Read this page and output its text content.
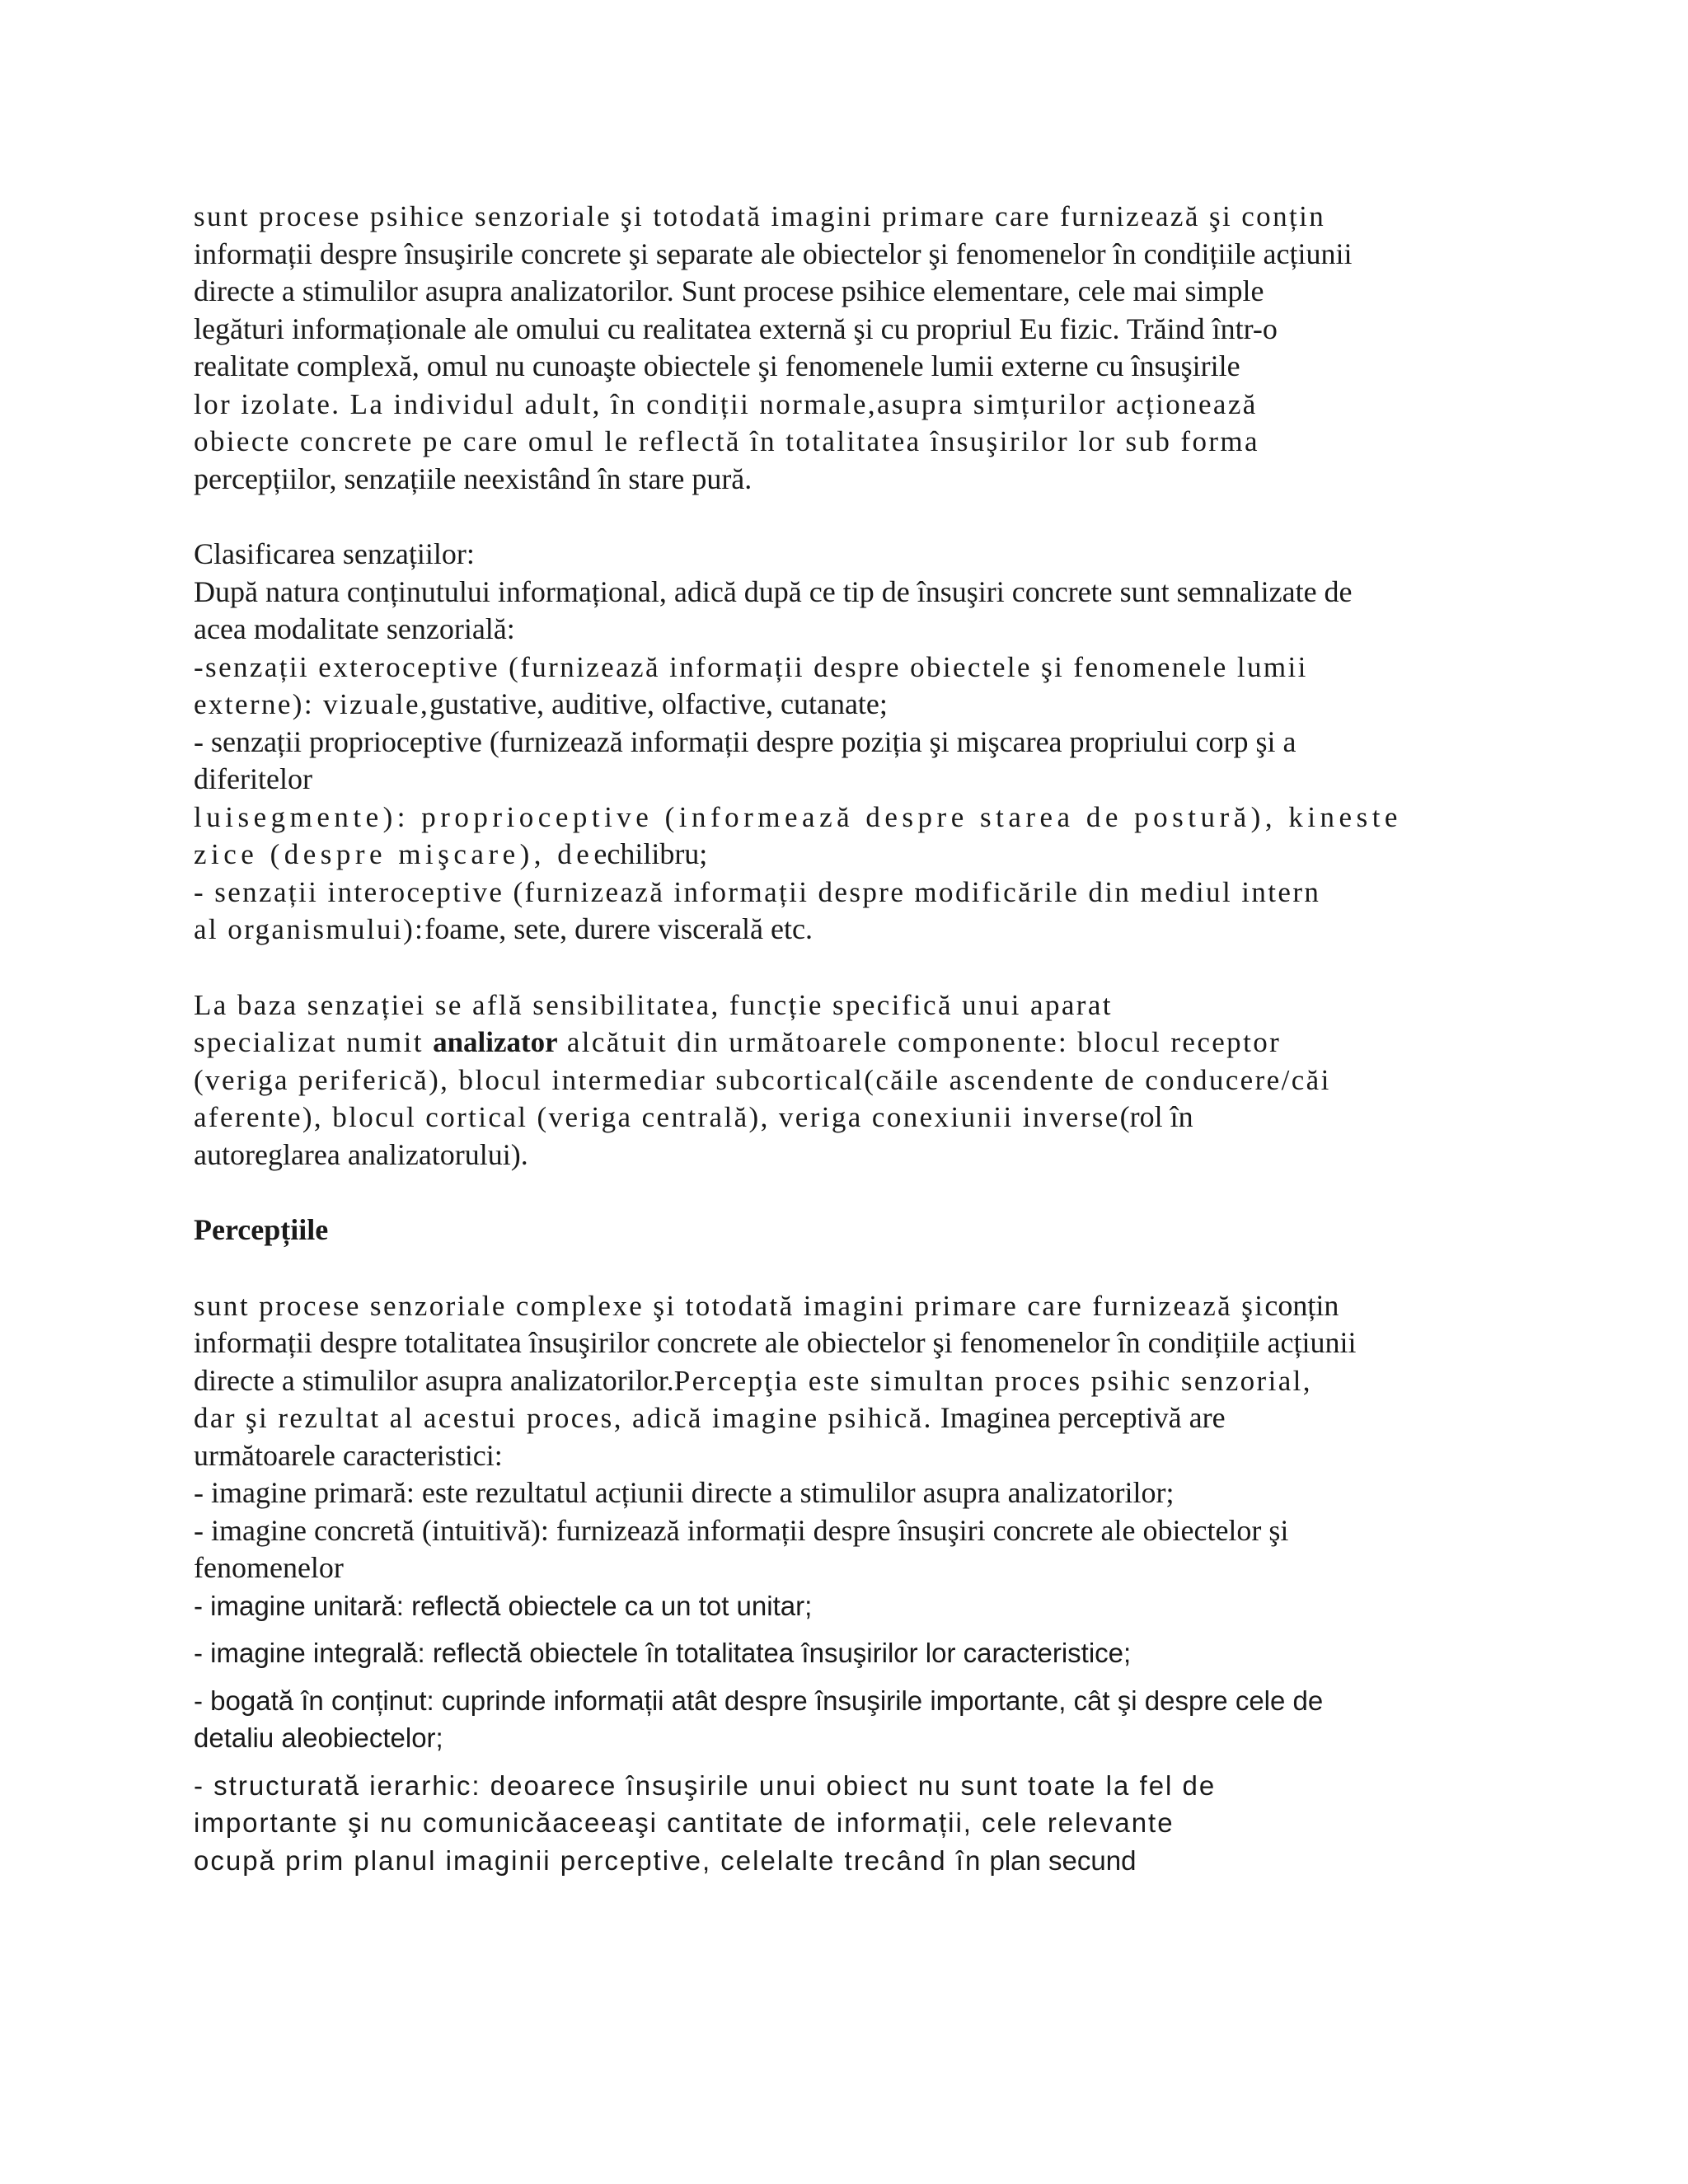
sunt procese psihice senzoriale şi totodată imagini primare care furnizează şi conțin
informații despre însuşirile concrete şi separate ale obiectelor şi fenomenelor în condițiile acțiunii
directe a stimulilor asupra analizatorilor. Sunt procese psihice elementare, cele mai simple
legături informaționale ale omului cu realitatea externă şi cu propriul Eu fizic. Trăind într-o
realitate complexă, omul nu cunoaşte obiectele şi fenomenele lumii externe cu însuşirile
lor izolate. La individul adult, în condiții normale,asupra simțurilor acționează
obiecte concrete pe care omul le reflectă în totalitatea însuşirilor lor sub forma
percepțiilor, senzațiile neexistând în stare pură.
Clasificarea senzațiilor:
După natura conținutului informațional, adică după ce tip de însuşiri concrete sunt semnalizate de
acea modalitate senzorială:
-senzații exteroceptive (furnizează informații despre obiectele şi fenomenele lumii
externe): vizuale,gustative, auditive, olfactive, cutanate;
- senzații proprioceptive (furnizează informații despre poziția şi mişcarea propriului corp şi a
diferitelor
luisegmente): proprioceptive (informează despre starea de postură), kineste
zice (despre mişcare), deechilibru;
- senzații interoceptive (furnizează informații despre modificările din mediul intern
al organismului):foame, sete, durere viscerală etc.
La baza senzației se află sensibilitatea, funcție specifică unui aparat
specializat numit analizator alcătuit din următoarele componente: blocul receptor
(veriga periferică), blocul intermediar subcortical(căile ascendente de conducere/căi
aferente), blocul cortical (veriga centrală), veriga conexiunii inverse(rol în
autoreglarea analizatorului).
Percepțiile
sunt procese senzoriale complexe şi totodată imagini primare care furnizează şiconțin
informații despre totalitatea însuşirilor concrete ale obiectelor şi fenomenelor în condițiile acțiunii
directe a stimulilor asupra analizatorilor.Percepţia este simultan proces psihic senzorial,
dar şi rezultat al acestui proces, adică imagine psihică. Imaginea perceptivă are
următoarele caracteristici:
- imagine primară: este rezultatul acțiunii directe a stimulilor asupra analizatorilor;
- imagine concretă (intuitivă): furnizează informații despre însuşiri concrete ale obiectelor şi
fenomenelor
- imagine unitară: reflectă obiectele ca un tot unitar;
- imagine integrală: reflectă obiectele în totalitatea însuşirilor lor caracteristice;
- bogată în conținut: cuprinde informații atât despre însuşirile importante, cât şi despre cele de
detaliu aleobiectelor;
- structurată ierarhic: deoarece însuşirile unui obiect nu sunt toate la fel de
importante şi nu comunicăaceeaşi cantitate de informații, cele relevante
ocupă prim planul imaginii perceptive, celelalte trecând în plan secund
